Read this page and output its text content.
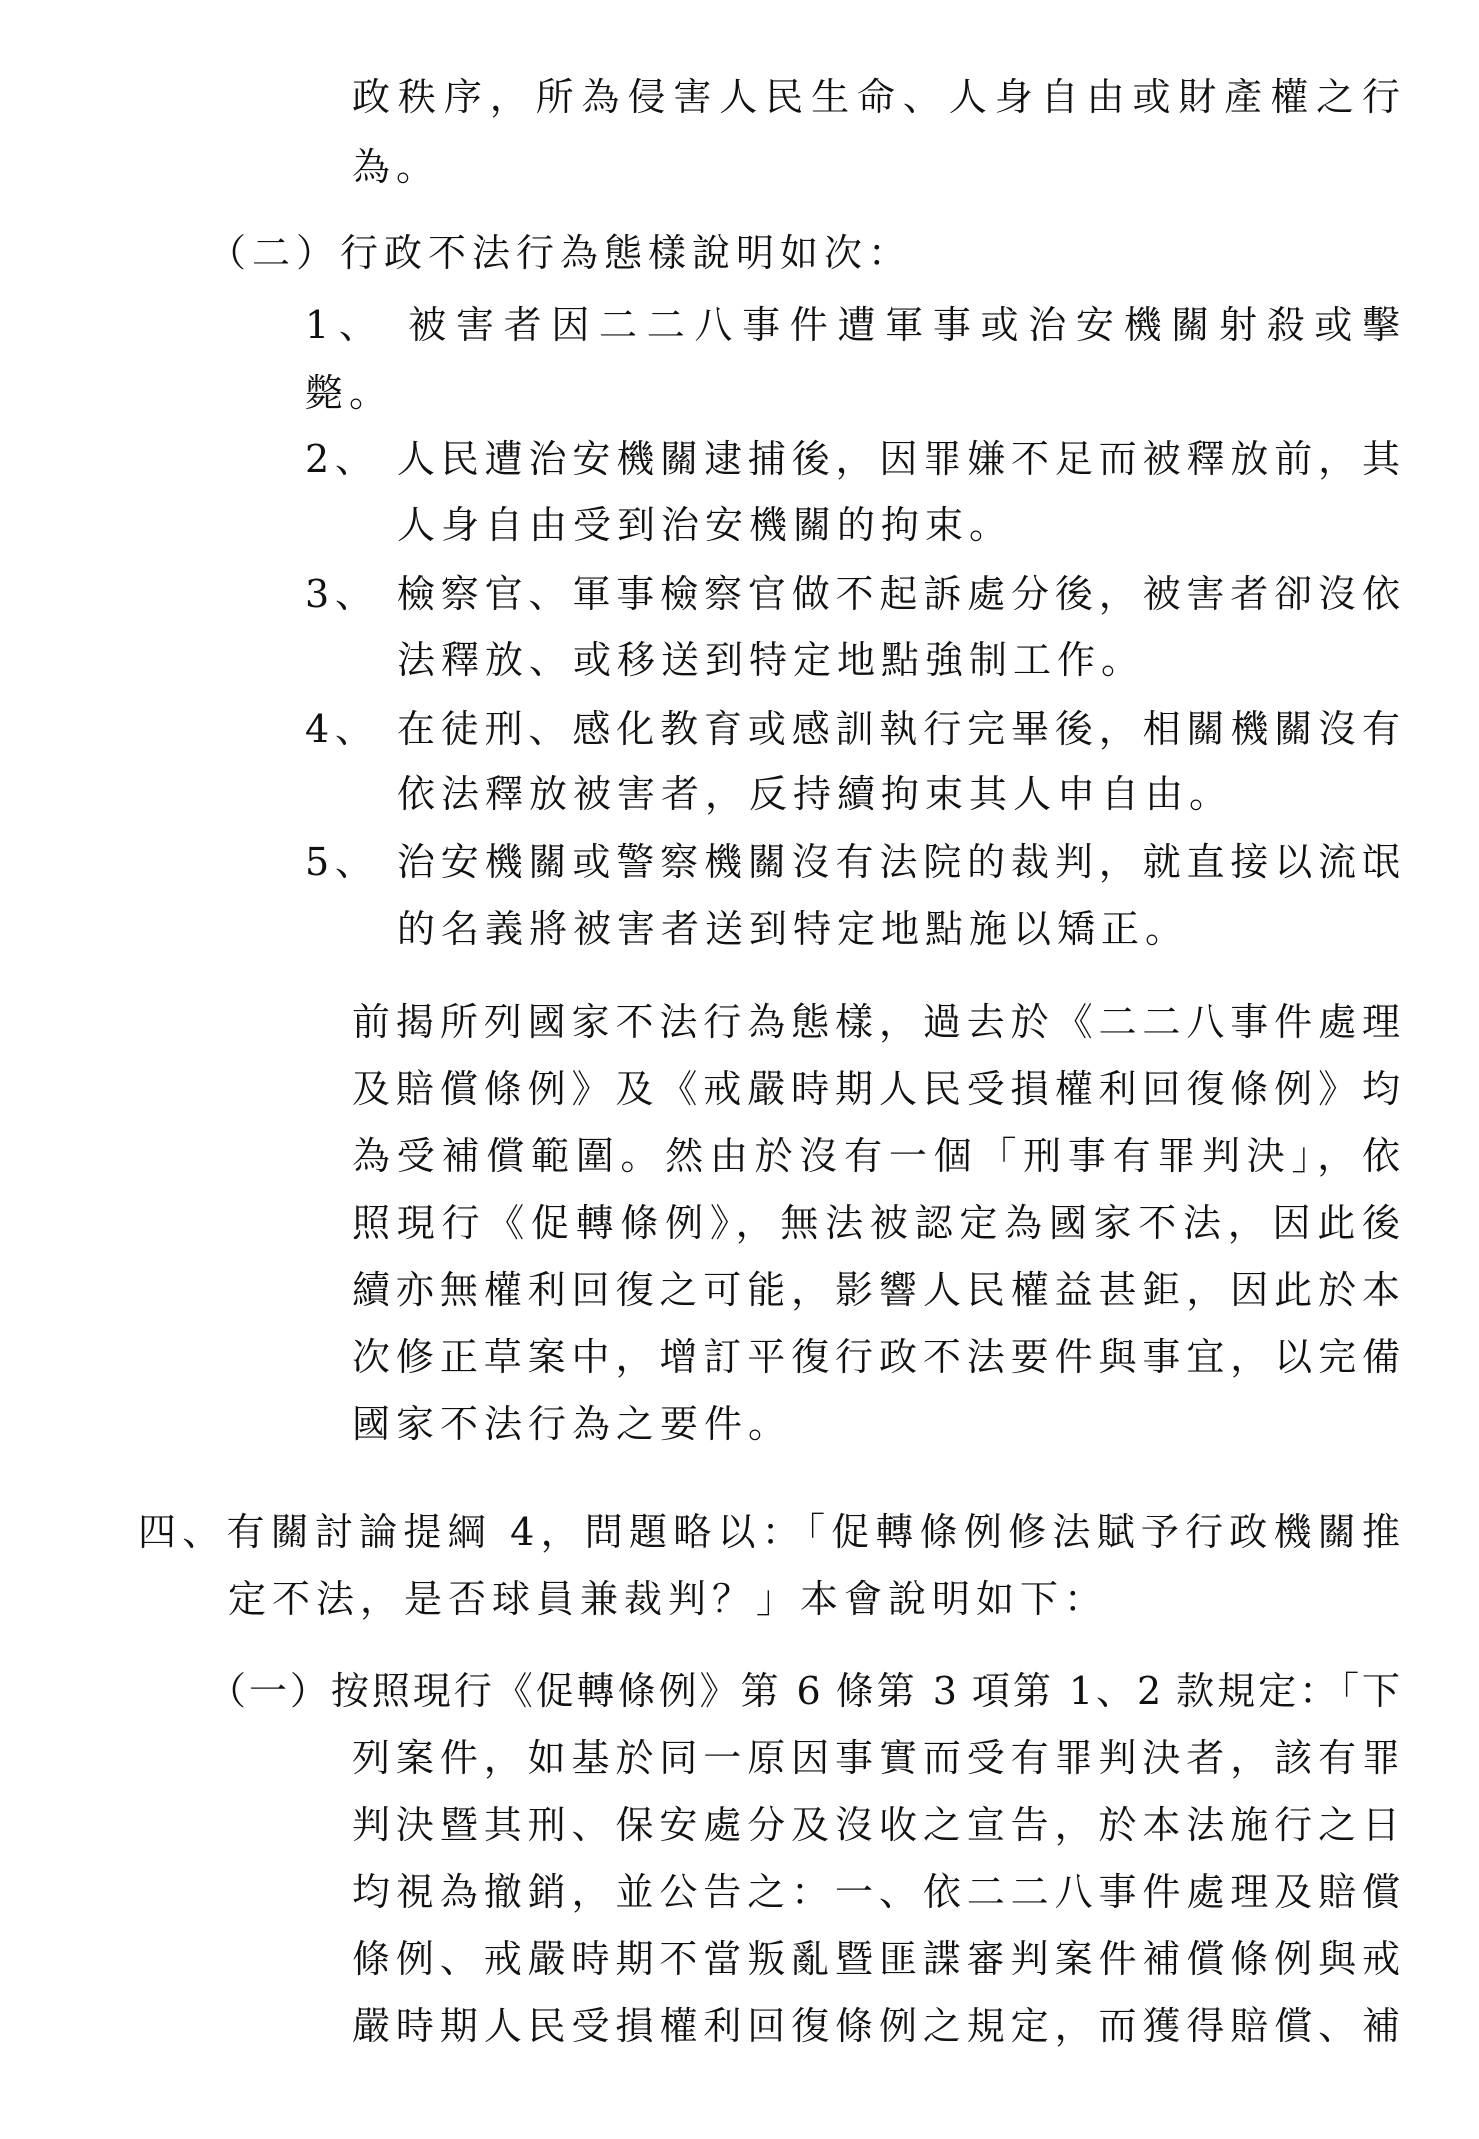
政秩序，所為侵害人民生命、人身自由或財產權之行
為。
（二）行政不法行為態樣說明如次：
1、 被害者因二二八事件遭軍事或治安機關射殺或擊
斃。
2、 人民遭治安機關逮捕後，因罪嫌不足而被釋放前，其
人身自由受到治安機關的拘束。
3、 檢察官、軍事檢察官做不起訴處分後，被害者卻沒依
法釋放、或移送到特定地點強制工作。
4、 在徒刑、感化教育或感訓執行完畢後，相關機關沒有
依法釋放被害者，反持續拘束其人申自由。
5、 治安機關或警察機關沒有法院的裁判，就直接以流氓
的名義將被害者送到特定地點施以矯正。
前揭所列國家不法行為態樣，過去於《二二八事件處理
及賠償條例》及《戒嚴時期人民受損權利回復條例》均
為受補償範圍。然由於沒有一個「刑事有罪判決」，依
照現行《促轉條例》，無法被認定為國家不法，因此後
續亦無權利回復之可能，影響人民權益甚鉅，因此於本
次修正草案中，增訂平復行政不法要件與事宜，以完備
國家不法行為之要件。
四、有關討論提綱 4，問題略以：「促轉條例修法賦予行政機關推
定不法，是否球員兼裁判？」本會說明如下：
（一）按照現行《促轉條例》第 6 條第 3 項第 1、2 款規定：「下
列案件，如基於同一原因事實而受有罪判決者，該有罪
判決暨其刑、保安處分及沒收之宣告，於本法施行之日
均視為撤銷，並公告之：一、依二二八事件處理及賠償
條例、戒嚴時期不當叛亂暨匪諜審判案件補償條例與戒
嚴時期人民受損權利回復條例之規定，而獲得賠償、補
